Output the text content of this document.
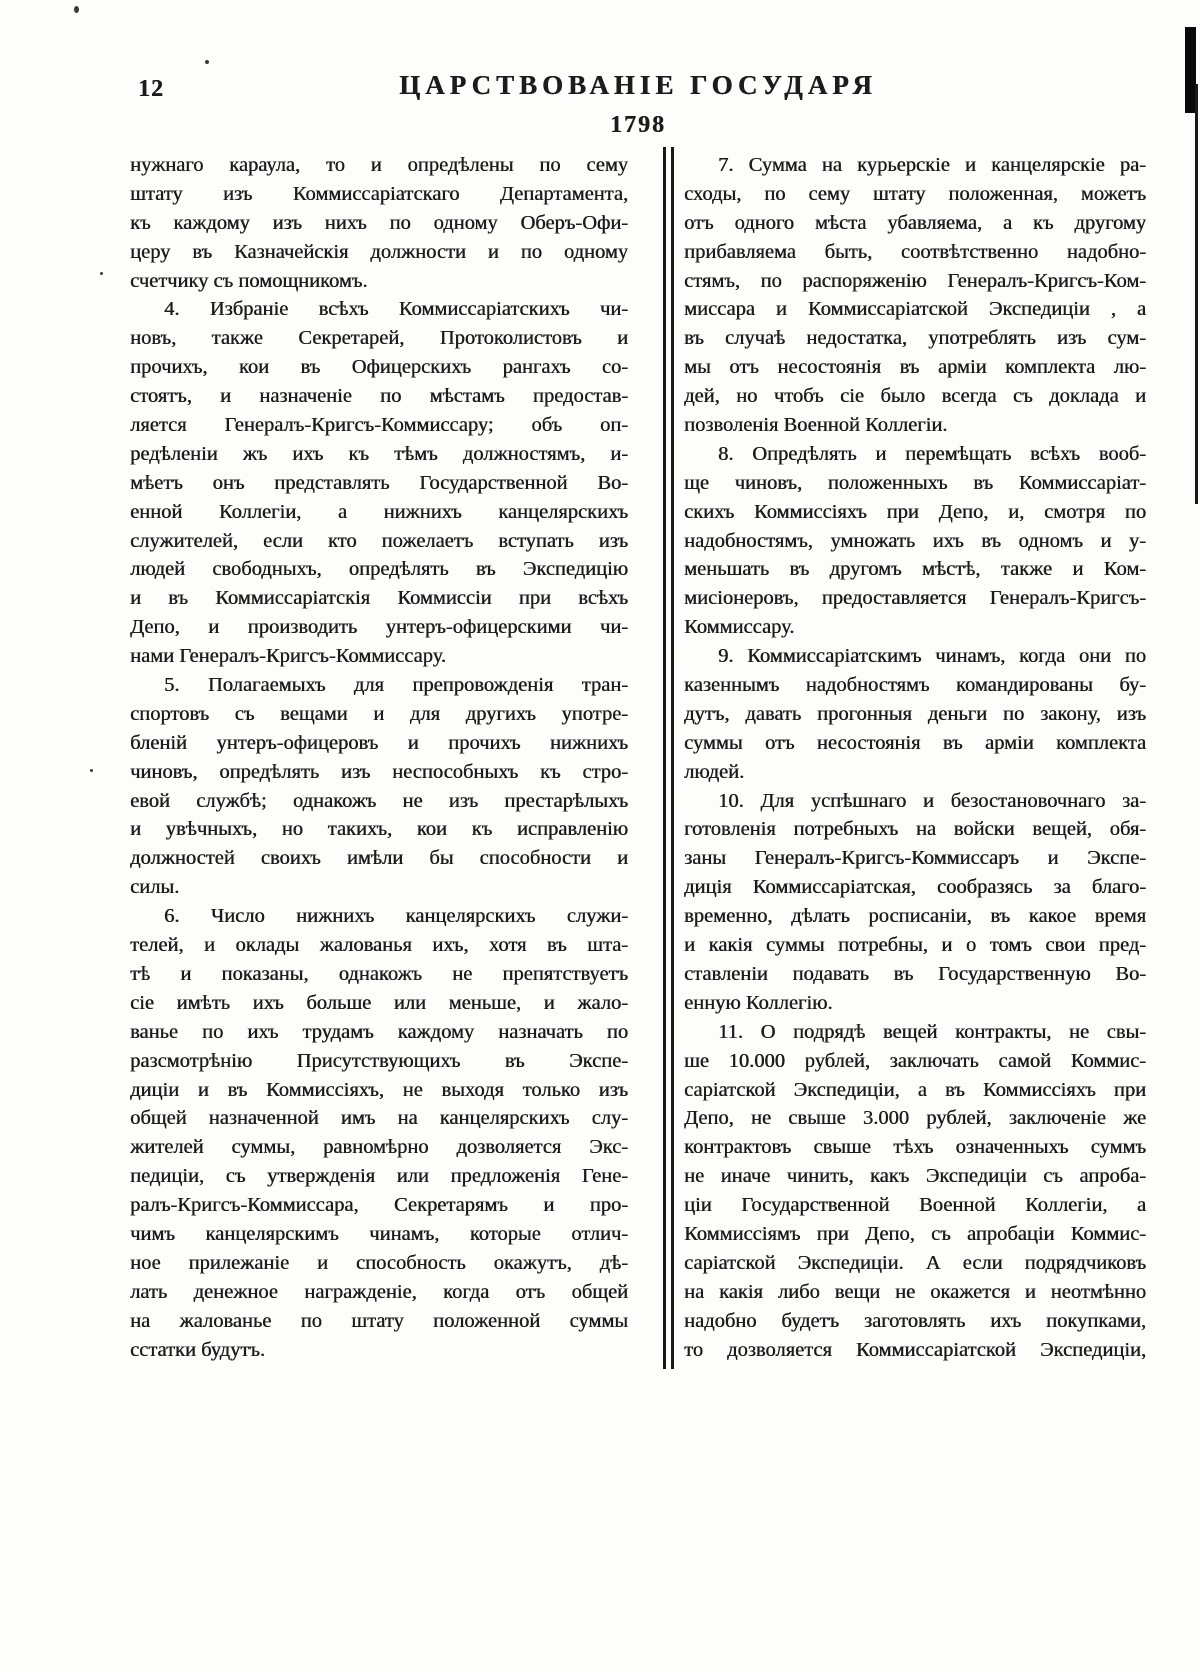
12	ЦАРСТВОВАНІЕ ГОСУДАРЯ
1798
нужнаго караула, то и опредѣлены по сему
штату изъ Коммиссаріатскаго Департамента,
къ каждому изъ нихъ по одному Оберъ-Офи-
церу въ Казначейскія должности и по одному
счетчику съ помощникомъ.
4. Избраніе всѣхъ Коммиссаріатскихъ чи-
новъ, также Секретарей, Протоколистовъ и
прочихъ, кои въ Офицерскихъ рангахъ со-
стоятъ, и назначеніе по мѣстамъ предостав-
ляется Генералъ-Кригсъ-Коммиссару; объ оп-
редѣленіи жъ ихъ къ тѣмъ должностямъ, и-
мѣетъ онъ представлять Государственной Во-
енной Коллегіи, а нижнихъ канцелярскихъ
служителей, если кто пожелаетъ вступать изъ
людей свободныхъ, опредѣлять въ Экспедицію
и въ Коммиссаріатскія Коммиссіи при всѣхъ
Депо, и производить унтеръ-офицерскими чи-
нами Генералъ-Кригсъ-Коммиссару.
5. Полагаемыхъ для препровожденія тран-
спортовъ съ вещами и для другихъ употре-
бленій унтеръ-офицеровъ и прочихъ нижнихъ
чиновъ, опредѣлять изъ неспособныхъ къ стро-
евой службѣ; однакожъ не изъ престарѣлыхъ
и увѣчныхъ, но такихъ, кои къ исправленію
должностей своихъ имѣли бы способности и
силы.
6. Число нижнихъ канцелярскихъ служи-
телей, и оклады жалованья ихъ, хотя въ шта-
тѣ и показаны, однакожъ не препятствуетъ
сіе имѣть ихъ больше или меньше, и жало-
ванье по ихъ трудамъ каждому назначать по
разсмотрѣнію Присутствующихъ въ Экспе-
диціи и въ Коммиссіяхъ, не выходя только изъ
общей назначенной имъ на канцелярскихъ слу-
жителей суммы, равномѣрно дозволяется Экс-
педиціи, съ утвержденія или предложенія Гене-
ралъ-Кригсъ-Коммиссара, Секретарямъ и про-
чимъ канцелярскимъ чинамъ, которые отлич-
ное прилежаніе и способность окажутъ, дѣ-
лать денежное награжденіе, когда отъ общей
на жалованье по штату положенной суммы
сстатки будутъ.
7. Сумма на курьерскіе и канцелярскіе ра-
сходы, по сему штату положенная, можетъ
отъ одного мѣста убавляема, а къ другому
прибавляема быть, соотвѣтственно надобно-
стямъ, по распоряженію Генералъ-Кригсъ-Ком-
миссара и Коммиссаріатской Экспедиціи , а
въ случаѣ недостатка, употреблять изъ сум-
мы отъ несостоянія въ арміи комплекта лю-
дей, но чтобъ сіе было всегда съ доклада и
позволенія Военной Коллегіи.
8. Опредѣлять и перемѣщать всѣхъ вооб-
ще чиновъ, положенныхъ въ Коммиссаріат-
скихъ Коммиссіяхъ при Депо, и, смотря по
надобностямъ, умножать ихъ въ одномъ и у-
меньшать въ другомъ мѣстѣ, также и Ком-
мисіонеровъ, предоставляется Генералъ-Кригсъ-
Коммиссару.
9. Коммиссаріатскимъ чинамъ, когда они по
казеннымъ надобностямъ командированы бу-
дутъ, давать прогонныя деньги по закону, изъ
суммы отъ несостоянія въ арміи комплекта
людей.
10. Для успѣшнаго и безостановочнаго за-
готовленія потребныхъ на войски вещей, обя-
заны Генералъ-Кригсъ-Коммиссаръ и Экспе-
диція Коммиссаріатская, сообразясь за благо-
временно, дѣлать росписаніи, въ какое время
и какія суммы потребны, и о томъ свои пред-
ставленіи подавать въ Государственную Во-
енную Коллегію.
11. О подрядѣ вещей контракты, не свы-
ше 10.000 рублей, заключать самой Коммис-
саріатской Экспедиціи, а въ Коммиссіяхъ при
Депо, не свыше 3.000 рублей, заключеніе же
контрактовъ свыше тѣхъ означенныхъ суммъ
не иначе чинить, какъ Экспедиціи съ апроба-
ціи Государственной Военной Коллегіи, а
Коммиссіямъ при Депо, съ апробаціи Коммис-
саріатской Экспедиціи. А если подрядчиковъ
на какія либо вещи не окажется и неотмѣнно
надобно будетъ заготовлять ихъ покупками,
то дозволяется Коммиссаріатской Экспедиціи,
